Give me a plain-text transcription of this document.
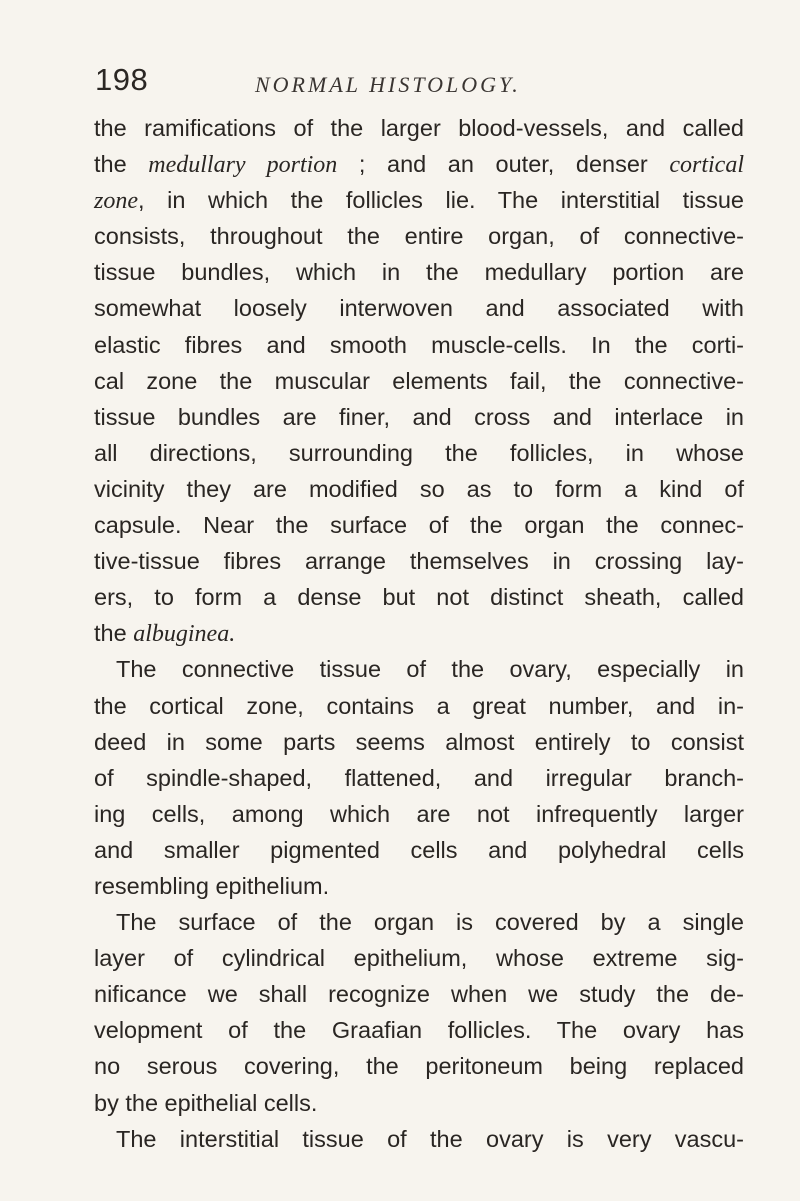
198	NORMAL HISTOLOGY.
the ramifications of the larger blood-vessels, and called
the medullary portion ; and an outer, denser cortical
zone, in which the follicles lie. The interstitial tissue
consists, throughout the entire organ, of connective-
tissue bundles, which in the medullary portion are
somewhat loosely interwoven and associated with
elastic fibres and smooth muscle-cells. In the corti-
cal zone the muscular elements fail, the connective-
tissue bundles are finer, and cross and interlace in
all directions, surrounding the follicles, in whose
vicinity they are modified so as to form a kind of
capsule. Near the surface of the organ the connec-
tive-tissue fibres arrange themselves in crossing lay-
ers, to form a dense but not distinct sheath, called
the albuginea.
The connective tissue of the ovary, especially in
the cortical zone, contains a great number, and in-
deed in some parts seems almost entirely to consist
of spindle-shaped, flattened, and irregular branch-
ing cells, among which are not infrequently larger
and smaller pigmented cells and polyhedral cells
resembling epithelium.
The surface of the organ is covered by a single
layer of cylindrical epithelium, whose extreme sig-
nificance we shall recognize when we study the de-
velopment of the Graafian follicles. The ovary has
no serous covering, the peritoneum being replaced
by the epithelial cells.
The interstitial tissue of the ovary is very vascu-
